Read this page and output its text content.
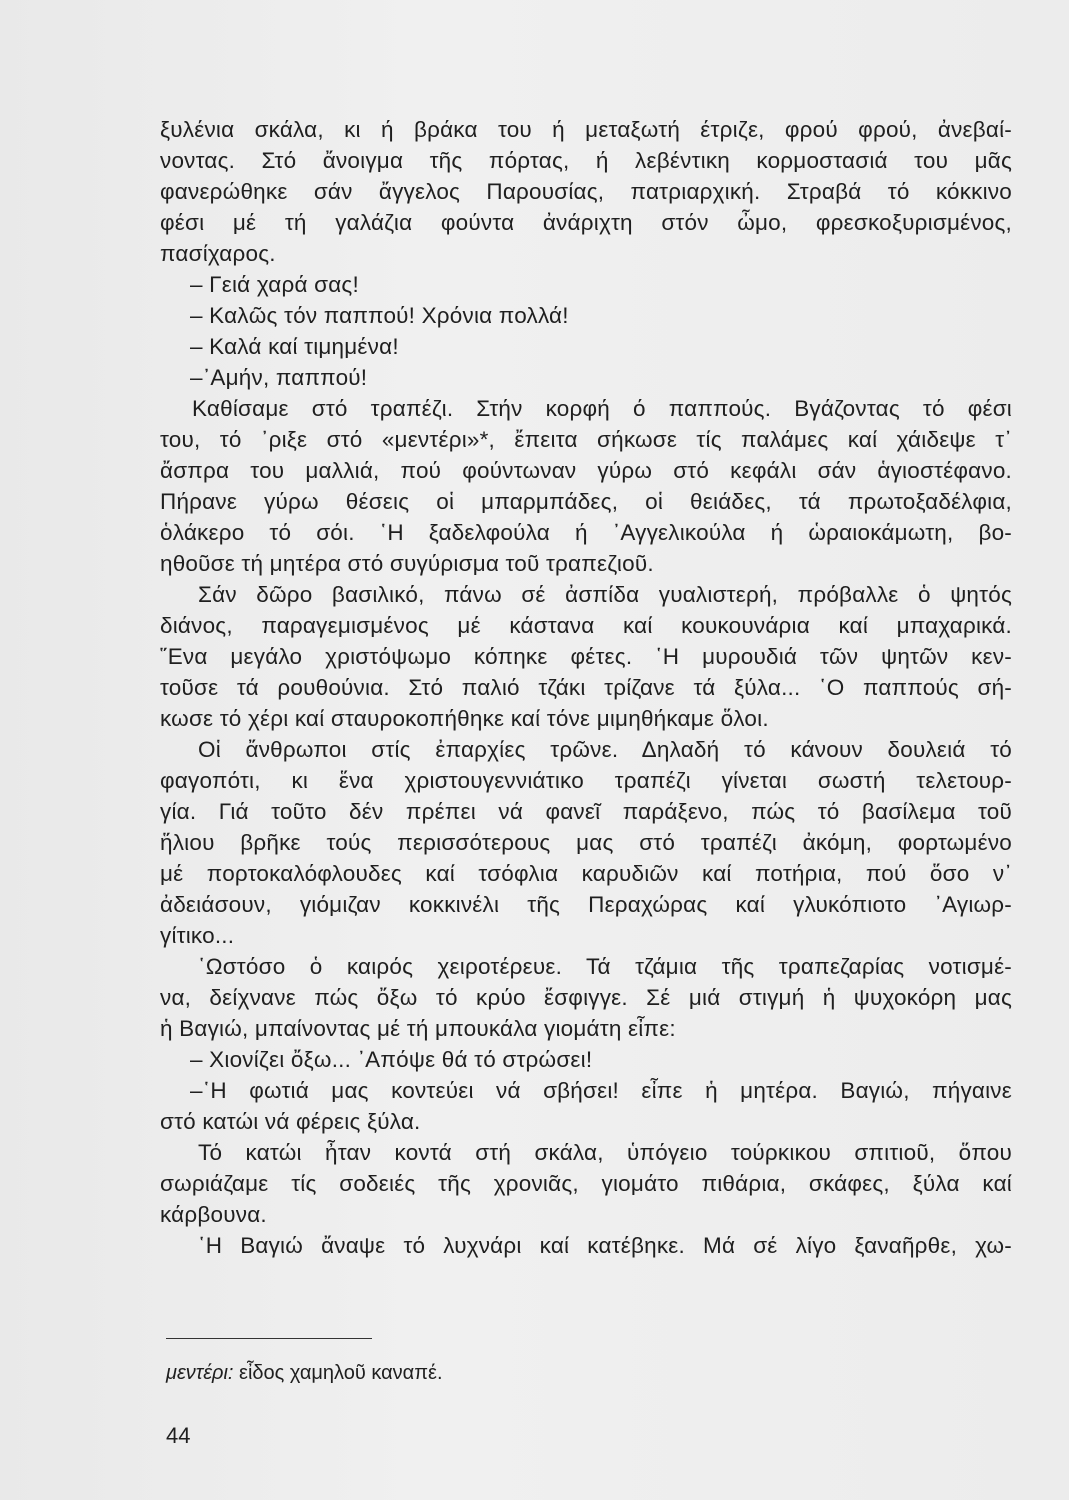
ξυλένια σκάλα, κι ή βράκα του ή μεταξωτή έτριζε, φρού φρού, ἀνεβαί-
νοντας. Στό ἄνοιγμα τῆς πόρτας, ή λεβέντικη κορμοστασιά του μᾶς
φανερώθηκε σάν ἄγγελος Παρουσίας, πατριαρχική. Στραβά τό κόκκινο
φέσι μέ τή γαλάζια φούντα ἀνάριχτη στόν ὦμο, φρεσκοξυρισμένος,
πασίχαρος.
– Γειά χαρά σας!
– Καλῶς τόν παππού! Χρόνια πολλά!
– Καλά καί τιμημένα!
–᾽Αμήν, παππού!
Καθίσαμε στό τραπέζι. Στήν κορφή ό παππούς. Βγάζοντας τό φέσι
του, τό ᾽ριξε στό «μεντέρι»*, ἔπειτα σήκωσε τίς παλάμες καί χάιδεψε τ᾽
ἄσπρα του μαλλιά, πού φούντωναν γύρω στό κεφάλι σάν ἁγιοστέφανο.
Πήρανε γύρω θέσεις οἱ μπαρμπάδες, οἱ θειάδες, τά πρωτοξαδέλφια,
ὁλάκερο τό σόι. ῾Η ξαδελφούλα ή ᾽Αγγελικούλα ή ὡραιοκάμωτη, βο-
ηθοῦσε τή μητέρα στό συγύρισμα τοῦ τραπεζιοῦ.
Σάν δῶρο βασιλικό, πάνω σέ ἀσπίδα γυαλιστερή, πρόβαλλε ὁ ψητός
διάνος, παραγεμισμένος μέ κάστανα καί κουκουνάρια καί μπαχαρικά.
῞Ενα μεγάλο χριστόψωμο κόπηκε φέτες. ῾Η μυρουδιά τῶν ψητῶν κεν-
τοῦσε τά ρουθούνια. Στό παλιό τζάκι τρίζανε τά ξύλα... ῾Ο παππούς σή-
κωσε τό χέρι καί σταυροκοπήθηκε καί τόνε μιμηθήκαμε ὅλοι.
Οἱ ἄνθρωποι στίς ἐπαρχίες τρῶνε. Δηλαδή τό κάνουν δουλειά τό
φαγοπότι, κι ἕνα χριστουγεννιάτικο τραπέζι γίνεται σωστή τελετουρ-
γία. Γιά τοῦτο δέν πρέπει νά φανεῖ παράξενο, πώς τό βασίλεμα τοῦ
ἥλιου βρῆκε τούς περισσότερους μας στό τραπέζι ἀκόμη, φορτωμένο
μέ πορτοκαλόφλουδες καί τσόφλια καρυδιῶν καί ποτήρια, πού ὅσο ν᾽
ἀδειάσουν, γιόμιζαν κοκκινέλι τῆς Περαχώρας καί γλυκόπιοτο ᾽Αγιωρ-
γίτικο...
῾Ωστόσο ὁ καιρός χειροτέρευε. Τά τζάμια τῆς τραπεζαρίας νοτισμέ-
να, δείχνανε πώς ὄξω τό κρύο ἔσφιγγε. Σέ μιά στιγμή ἡ ψυχοκόρη μας
ἡ Βαγιώ, μπαίνοντας μέ τή μπουκάλα γιομάτη εἶπε:
– Χιονίζει ὄξω... ᾽Απόψε θά τό στρώσει!
–῾Η φωτιά μας κοντεύει νά σβήσει! εἶπε ἡ μητέρα. Βαγιώ, πήγαινε
στό κατώι νά φέρεις ξύλα.
Τό κατώι ἦταν κοντά στή σκάλα, ὑπόγειο τούρκικου σπιτιοῦ, ὅπου
σωριάζαμε τίς σοδειές τῆς χρονιᾶς, γιομάτο πιθάρια, σκάφες, ξύλα καί
κάρβουνα.
῾Η Βαγιώ ἄναψε τό λυχνάρι καί κατέβηκε. Μά σέ λίγο ξαναῆρθε, χω-
μεντέρι: εἶδος χαμηλοῦ καναπέ.
44
